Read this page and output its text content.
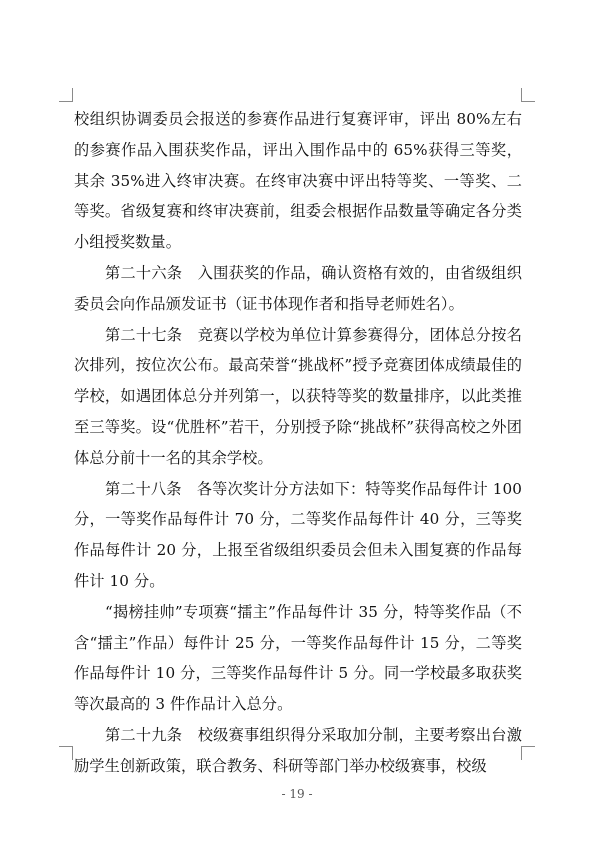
校组织协调委员会报送的参赛作品进行复赛评审，评出 80%左右的参赛作品入围获奖作品，评出入围作品中的 65%获得三等奖，其余 35%进入终审决赛。在终审决赛中评出特等奖、一等奖、二等奖。省级复赛和终审决赛前，组委会根据作品数量等确定各分类小组授奖数量。

第二十六条　入围获奖的作品，确认资格有效的，由省级组织委员会向作品颁发证书（证书体现作者和指导老师姓名）。

第二十七条　竞赛以学校为单位计算参赛得分，团体总分按名次排列，按位次公布。最高荣誉“挑战杯”授予竞赛团体成绩最佳的学校，如遇团体总分并列第一，以获特等奖的数量排序，以此类推至三等奖。设“优胜杯”若干，分别授予除“挑战杯”获得高校之外团体总分前十一名的其余学校。

第二十八条　各等次奖计分方法如下：特等奖作品每件计 100 分，一等奖作品每件计 70 分，二等奖作品每件计 40 分，三等奖作品每件计 20 分，上报至省级组织委员会但未入围复赛的作品每件计 10 分。

“揭榜挂帅”专项赛“擂主”作品每件计 35 分，特等奖作品（不含“擂主”作品）每件计 25 分，一等奖作品每件计 15 分，二等奖作品每件计 10 分，三等奖作品每件计 5 分。同一学校最多取获奖等次最高的 3 件作品计入总分。

第二十九条　校级赛事组织得分采取加分制，主要考察出台激励学生创新政策，联合教务、科研等部门举办校级赛事，校级

- 19 -
